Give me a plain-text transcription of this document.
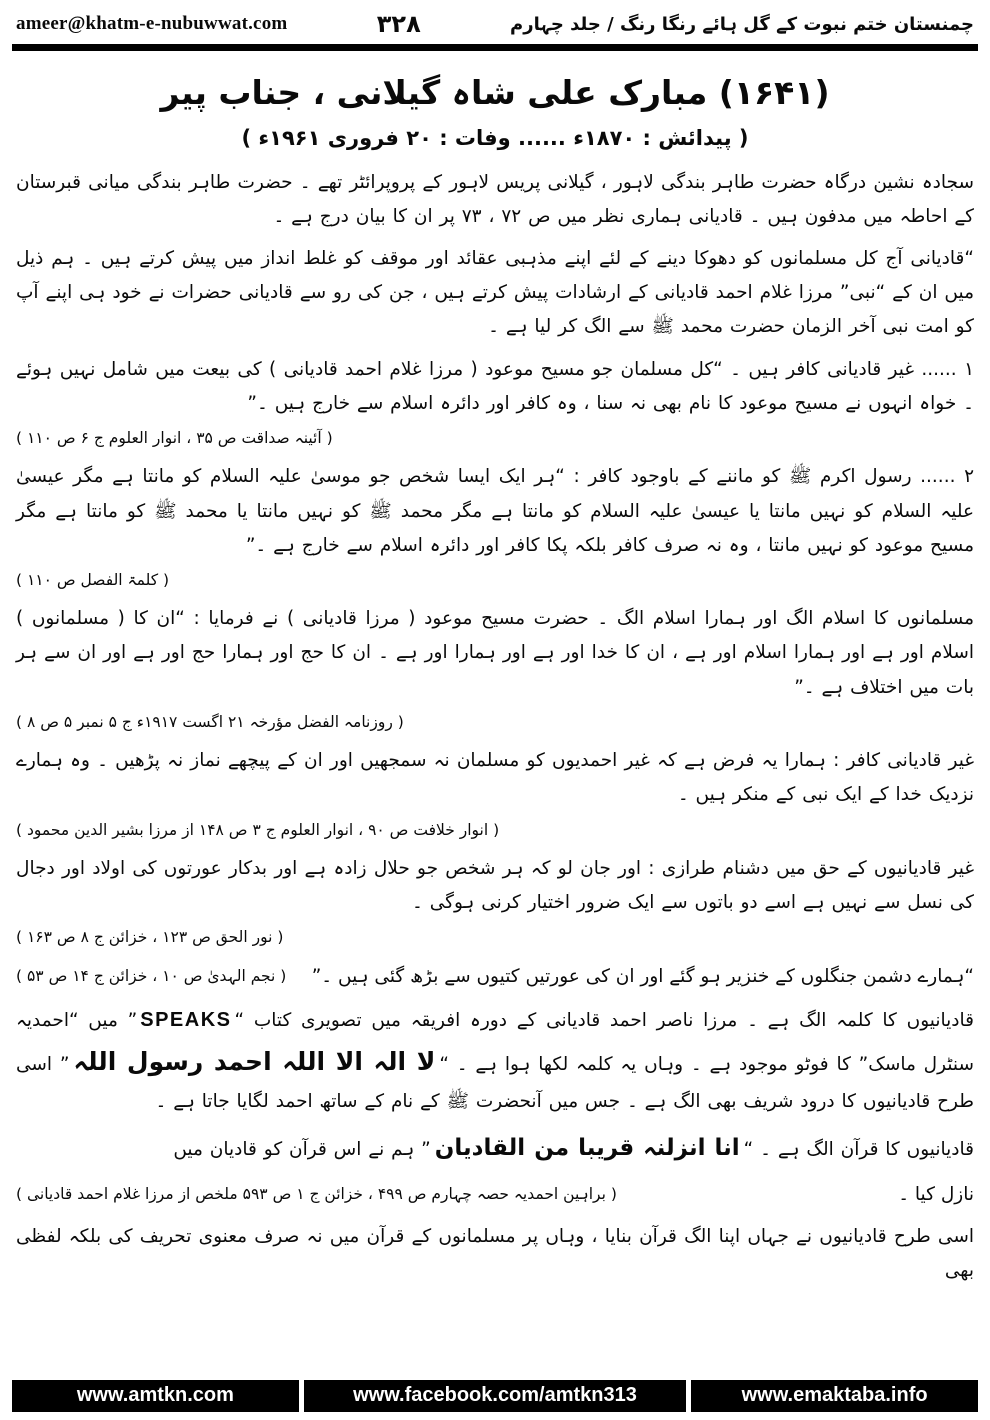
ameer@khatm-e-nubuwwat.com	۳۲۸	چمنستان ختم نبوت کے گل ہائے رنگا رنگ / جلد چہارم
(۱۶۴۱) مبارک علی شاہ گیلانی ، جناب پیر
( پیدائش : ۱۸۷۰ء ...... وفات : ۲۰ فروری ۱۹۶۱ء )

سجادہ نشین درگاہ حضرت طاہر بندگی لاہور ، گیلانی پریس لاہور کے پروپرائٹر تھے ۔ حضرت طاہر بندگی میانی قبرستان کے احاطہ میں مدفون ہیں ۔ قادیانی ہماری نظر میں ص ۷۲ ، ۷۳ پر ان کا بیان درج ہے ۔

“قادیانی آج کل مسلمانوں کو دھوکا دینے کے لئے اپنے مذہبی عقائد اور موقف کو غلط انداز میں پیش کرتے ہیں ۔ ہم ذیل میں ان کے “نبی” مرزا غلام احمد قادیانی کے ارشادات پیش کرتے ہیں ، جن کی رو سے قادیانی حضرات نے خود ہی اپنے آپ کو امت نبی آخر الزمان حضرت محمد ﷺ سے الگ کر لیا ہے ۔

۱ ...... غیر قادیانی کافر ہیں ۔ “کل مسلمان جو مسیح موعود ( مرزا غلام احمد قادیانی ) کی بیعت میں شامل نہیں ہوئے ۔ خواہ انہوں نے مسیح موعود کا نام بھی نہ سنا ، وہ کافر اور دائرہ اسلام سے خارج ہیں ۔”

( آئینہ صداقت ص ۳۵ ، انوار العلوم ج ۶ ص ۱۱۰ )

۲ ...... رسول اکرم ﷺ کو ماننے کے باوجود کافر : “ہر ایک ایسا شخص جو موسیٰ علیہ السلام کو مانتا ہے مگر عیسیٰ علیہ السلام کو نہیں مانتا یا عیسیٰ علیہ السلام کو مانتا ہے مگر محمد ﷺ کو نہیں مانتا یا محمد ﷺ کو مانتا ہے مگر مسیح موعود کو نہیں مانتا ، وہ نہ صرف کافر بلکہ پکا کافر اور دائرہ اسلام سے خارج ہے ۔”

( کلمۃ الفصل ص ۱۱۰ )

مسلمانوں کا اسلام الگ اور ہمارا اسلام الگ ۔ حضرت مسیح موعود ( مرزا قادیانی ) نے فرمایا : “ان کا ( مسلمانوں ) اسلام اور ہے اور ہمارا اسلام اور ہے ، ان کا خدا اور ہے اور ہمارا اور ہے ۔ ان کا حج اور ہمارا حج اور ہے اور ان سے ہر بات میں اختلاف ہے ۔”

( روزنامہ الفضل مؤرخہ ۲۱ اگست ۱۹۱۷ء ج ۵ نمبر ۵ ص ۸ )

غیر قادیانی کافر : ہمارا یہ فرض ہے کہ غیر احمدیوں کو مسلمان نہ سمجھیں اور ان کے پیچھے نماز نہ پڑھیں ۔ وہ ہمارے نزدیک خدا کے ایک نبی کے منکر ہیں ۔

( انوار خلافت ص ۹۰ ، انوار العلوم ج ۳ ص ۱۴۸ از مرزا بشیر الدین محمود )

غیر قادیانیوں کے حق میں دشنام طرازی : اور جان لو کہ ہر شخص جو حلال زادہ ہے اور بدکار عورتوں کی اولاد اور دجال کی نسل سے نہیں ہے اسے دو باتوں سے ایک ضرور اختیار کرنی ہوگی ۔

( نور الحق ص ۱۲۳ ، خزائن ج ۸ ص ۱۶۳ )
“ہمارے دشمن جنگلوں کے خنزیر ہو گئے اور ان کی عورتیں کتیوں سے بڑھ گئی ہیں ۔”
( نجم الہدیٰ ص ۱۰ ، خزائن ج ۱۴ ص ۵۳ )

قادیانیوں کا کلمہ الگ ہے ۔ مرزا ناصر احمد قادیانی کے دورہ افریقہ میں تصویری کتاب “SPEAKS” میں “احمدیہ سنٹرل ماسک” کا فوٹو موجود ہے ۔ وہاں یہ کلمہ لکھا ہوا ہے ۔ “لا الہ الا اللہ احمد رسول اللہ” اسی طرح قادیانیوں کا درود شریف بھی الگ ہے ۔ جس میں آنحضرت ﷺ کے نام کے ساتھ احمد لگایا جاتا ہے ۔

قادیانیوں کا قرآن الگ ہے ۔ “انا انزلنہ قریبا من القادیان” ہم نے اس قرآن کو قادیان میں

نازل کیا ۔
( براہین احمدیہ حصہ چہارم ص ۴۹۹ ، خزائن ج ۱ ص ۵۹۳ ملخص از مرزا غلام احمد قادیانی )

اسی طرح قادیانیوں نے جہاں اپنا الگ قرآن بنایا ، وہاں پر مسلمانوں کے قرآن میں نہ صرف معنوی تحریف کی بلکہ لفظی بھی

www.amtkn.com	www.facebook.com/amtkn313	www.emaktaba.info
